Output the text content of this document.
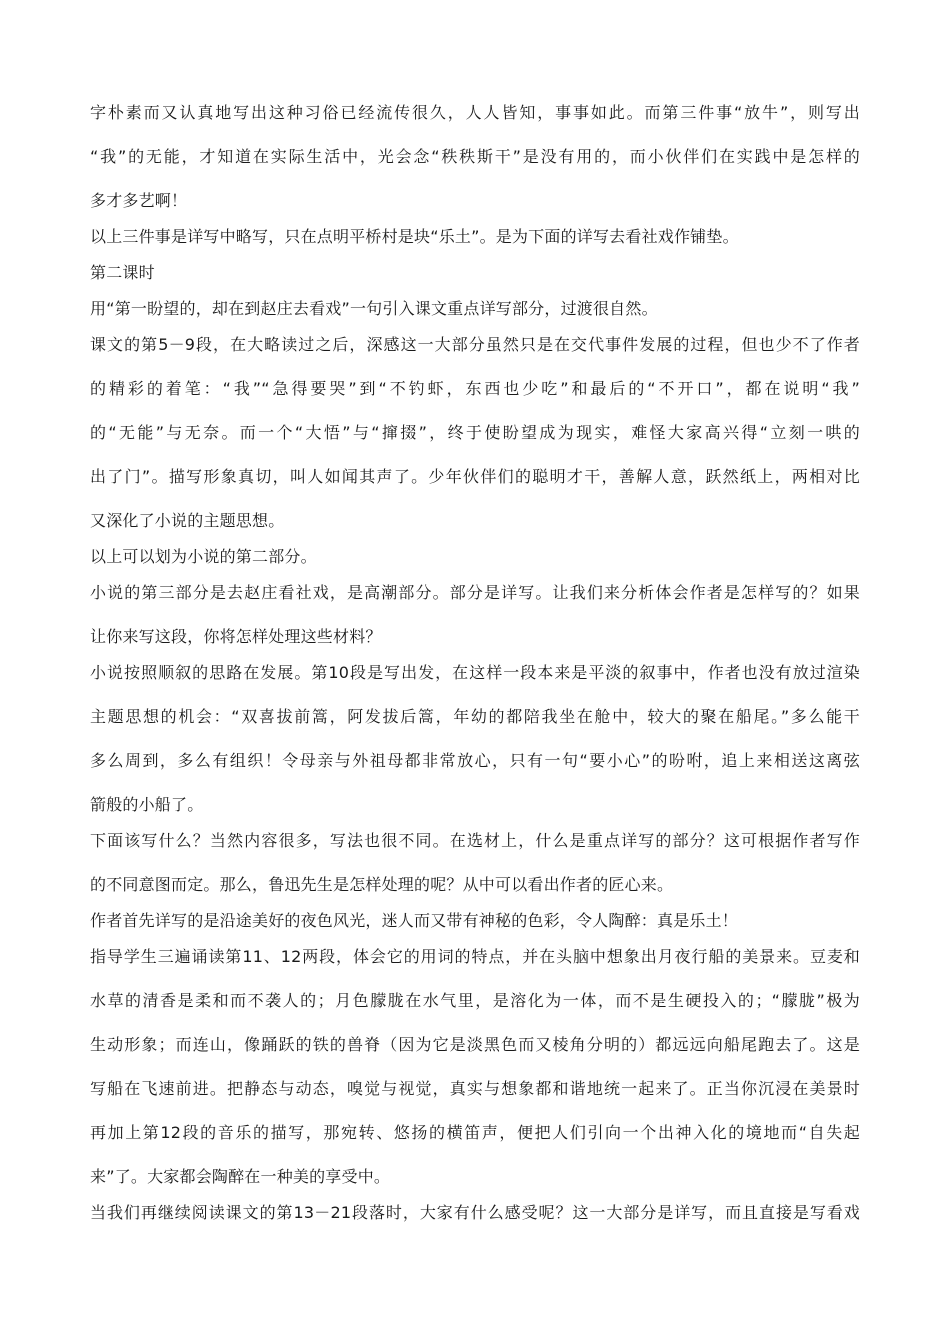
字朴素而又认真地写出这种习俗已经流传很久，人人皆知，事事如此。而第三件事“放牛”，则写出
“我”的无能，才知道在实际生活中，光会念“秩秩斯干”是没有用的，而小伙伴们在实践中是怎样的
多才多艺啊！
以上三件事是详写中略写，只在点明平桥村是块“乐土”。是为下面的详写去看社戏作铺垫。
第二课时
用“第一盼望的，却在到赵庄去看戏”一句引入课文重点详写部分，过渡很自然。
课文的第5－9段，在大略读过之后，深感这一大部分虽然只是在交代事件发展的过程，但也少不了作者
的精彩的着笔：“我”“急得要哭”到“不钓虾，东西也少吃”和最后的“不开口”，都在说明“我”
的“无能”与无奈。而一个“大悟”与“撺掇”，终于使盼望成为现实，难怪大家高兴得“立刻一哄的
出了门”。描写形象真切，叫人如闻其声了。少年伙伴们的聪明才干，善解人意，跃然纸上，两相对比
又深化了小说的主题思想。
以上可以划为小说的第二部分。
小说的第三部分是去赵庄看社戏，是高潮部分。部分是详写。让我们来分析体会作者是怎样写的？如果
让你来写这段，你将怎样处理这些材料？
小说按照顺叙的思路在发展。第10段是写出发，在这样一段本来是平淡的叙事中，作者也没有放过渲染
主题思想的机会：“双喜拔前篙，阿发拔后篙，年幼的都陪我坐在舱中，较大的聚在船尾。”多么能干
多么周到，多么有组织！令母亲与外祖母都非常放心，只有一句“要小心”的吩咐，追上来相送这离弦
箭般的小船了。
下面该写什么？当然内容很多，写法也很不同。在选材上，什么是重点详写的部分？这可根据作者写作
的不同意图而定。那么，鲁迅先生是怎样处理的呢？从中可以看出作者的匠心来。
作者首先详写的是沿途美好的夜色风光，迷人而又带有神秘的色彩，令人陶醉：真是乐土！
指导学生三遍诵读第11、12两段，体会它的用词的特点，并在头脑中想象出月夜行船的美景来。豆麦和
水草的清香是柔和而不袭人的；月色朦胧在水气里，是溶化为一体，而不是生硬投入的；“朦胧”极为
生动形象；而连山，像踊跃的铁的兽脊（因为它是淡黑色而又棱角分明的）都远远向船尾跑去了。这是
写船在飞速前进。把静态与动态，嗅觉与视觉，真实与想象都和谐地统一起来了。正当你沉浸在美景时
再加上第12段的音乐的描写，那宛转、悠扬的横笛声，便把人们引向一个出神入化的境地而“自失起
来”了。大家都会陶醉在一种美的享受中。
当我们再继续阅读课文的第13－21段落时，大家有什么感受呢？这一大部分是详写，而且直接是写看戏
